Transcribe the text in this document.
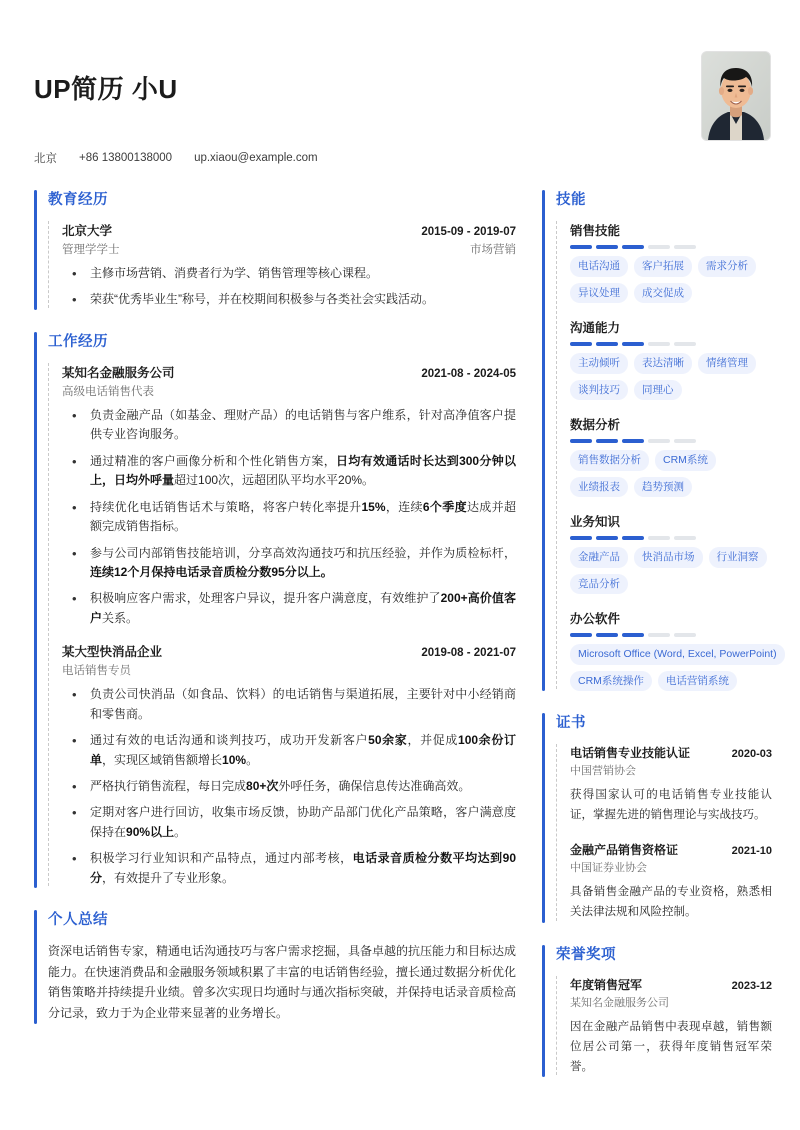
UP简历 小U
北京 +86 13800138000 up.xiaou@example.com
教育经历
北京大学	2015-09 - 2019-07
管理学学士	市场营销
• 主修市场营销、消费者行为学、销售管理等核心课程。
• 荣获“优秀毕业生”称号，并在校期间积极参与各类社会实践活动。
工作经历
某知名金融服务公司	2021-08 - 2024-05
高级电话销售代表
• 负责金融产品（如基金、理财产品）的电话销售与客户维系，针对高净值客户提供专业咨询服务。
• 通过精准的客户画像分析和个性化销售方案，日均有效通话时长达到300分钟以上，日均外呼量超过100次，远超团队平均水平20%。
• 持续优化电话销售话术与策略，将客户转化率提升15%，连续6个季度达成并超额完成销售指标。
• 参与公司内部销售技能培训，分享高效沟通技巧和抗压经验，并作为质检标杆，连续12个月保持电话录音质检分数95分以上。
• 积极响应客户需求，处理客户异议，提升客户满意度，有效维护了200+高价值客户关系。
某大型快消品企业	2019-08 - 2021-07
电话销售专员
• 负责公司快消品（如食品、饮料）的电话销售与渠道拓展，主要针对中小经销商和零售商。
• 通过有效的电话沟通和谈判技巧，成功开发新客户50余家，并促成100余份订单，实现区域销售额增长10%。
• 严格执行销售流程，每日完成80+次外呼任务，确保信息传达准确高效。
• 定期对客户进行回访，收集市场反馈，协助产品部门优化产品策略，客户满意度保持在90%以上。
• 积极学习行业知识和产品特点，通过内部考核，电话录音质检分数平均达到90分，有效提升了专业形象。
个人总结
资深电话销售专家，精通电话沟通技巧与客户需求挖掘，具备卓越的抗压能力和目标达成能力。在快速消费品和金融服务领域积累了丰富的电话销售经验，擅长通过数据分析优化销售策略并持续提升业绩。曾多次实现日均通时与通次指标突破，并保持电话录音质检高分记录，致力于为企业带来显著的业务增长。
技能
销售技能
电话沟通	客户拓展	需求分析
异议处理	成交促成
沟通能力
主动倾听	表达清晰	情绪管理
谈判技巧	同理心
数据分析
销售数据分析	CRM系统
业绩报表	趋势预测
业务知识
金融产品	快消品市场	行业洞察
竞品分析
办公软件
Microsoft Office (Word, Excel, PowerPoint)
CRM系统操作	电话营销系统
证书
电话销售专业技能认证	2020-03
中国营销协会
获得国家认可的电话销售专业技能认证，掌握先进的销售理论与实战技巧。
金融产品销售资格证	2021-10
中国证券业协会
具备销售金融产品的专业资格，熟悉相关法律法规和风险控制。
荣誉奖项
年度销售冠军	2023-12
某知名金融服务公司
因在金融产品销售中表现卓越，销售额位居公司第一，获得年度销售冠军荣誉。
